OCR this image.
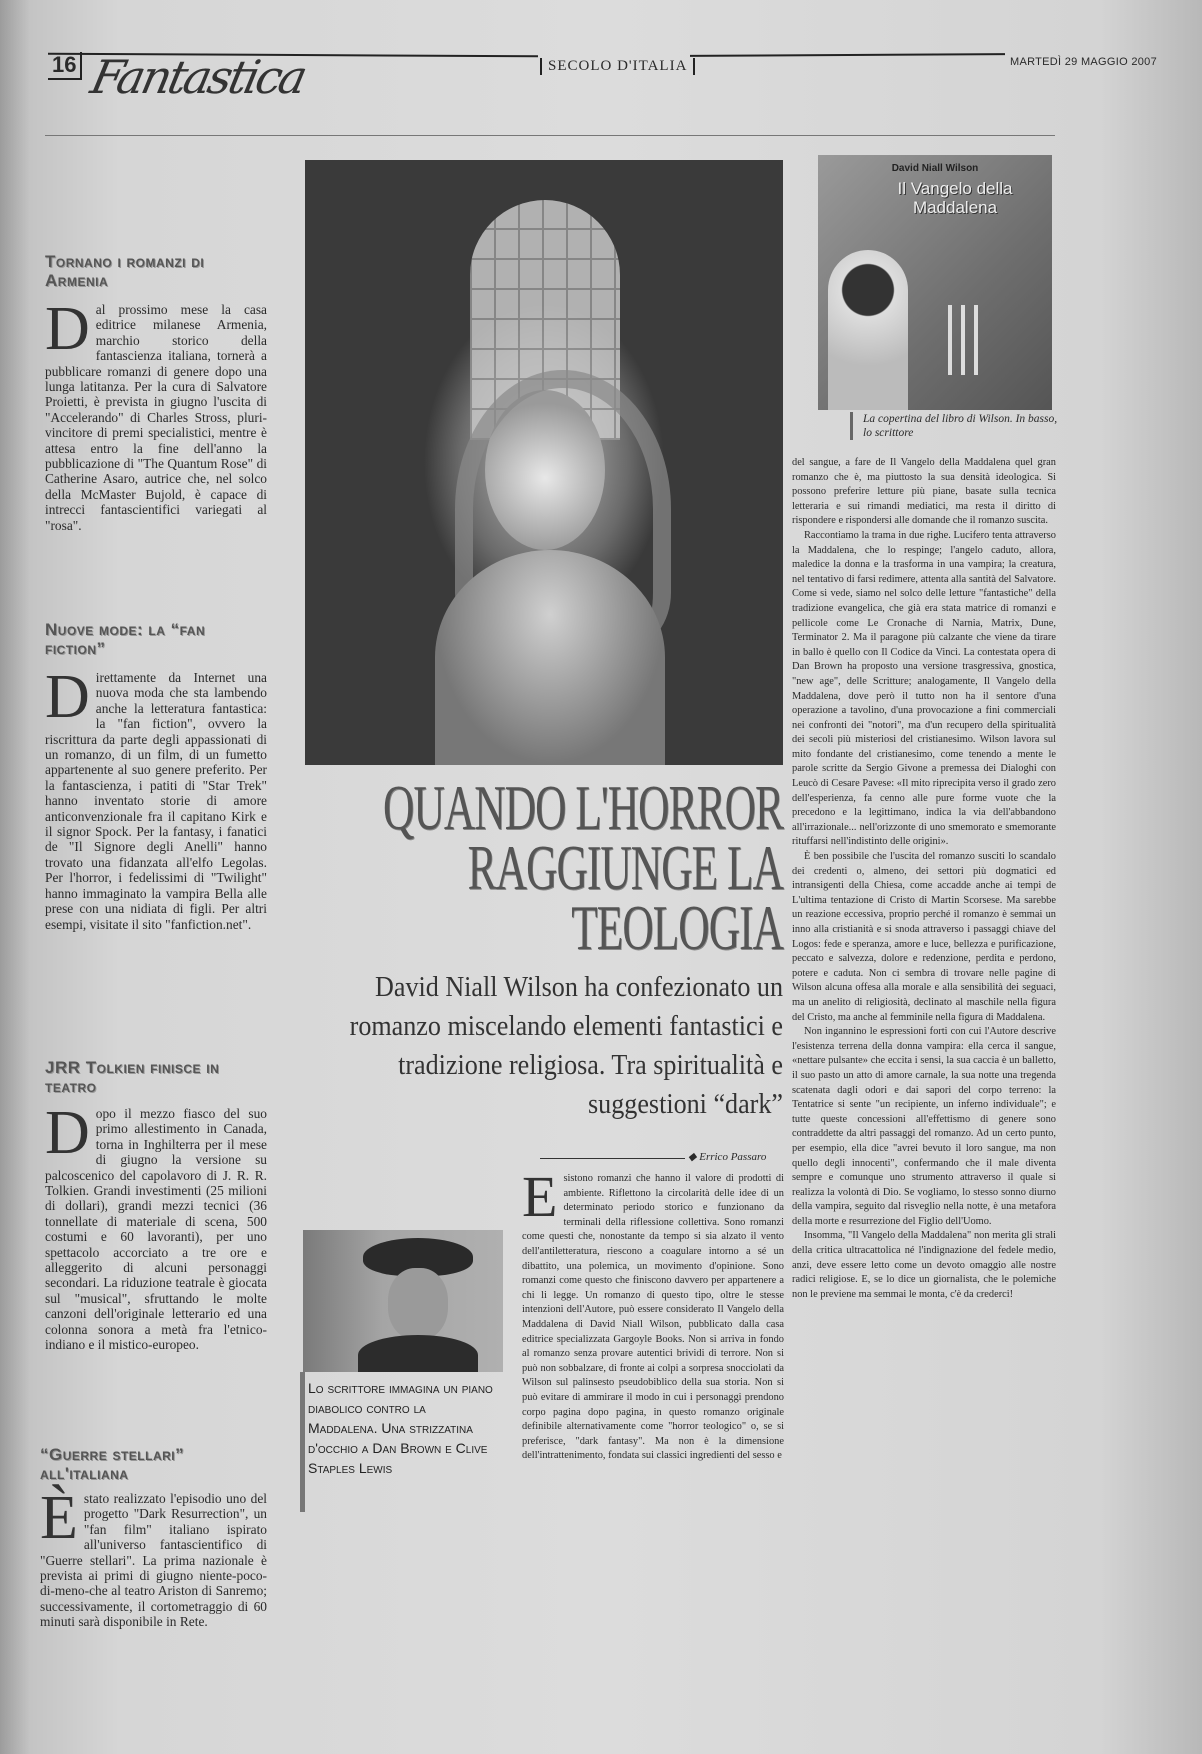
16 Fantastica	SECOLO D'ITALIA	MARTEDÌ 29 MAGGIO 2007
Tornano i romanzi di Armenia
D al prossimo mese la casa editrice milanese Armenia, marchio storico della fantascienza italiana, tornerà a pubblicare romanzi di genere dopo una lunga latitanza. Per la cura di Salvatore Proietti, è prevista in giugno l'uscita di "Accelerando" di Charles Stross, pluri-vincitore di premi specialistici, mentre è attesa entro la fine dell'anno la pubblicazione di "The Quantum Rose" di Catherine Asaro, autrice che, nel solco della McMaster Bujold, è capace di intrecci fantascientifici variegati al "rosa".
Nuove mode: la “fan fiction”
D irettamente da Internet una nuova moda che sta lambendo anche la letteratura fantastica: la "fan fiction", ovvero la riscrittura da parte degli appassionati di un romanzo, di un film, di un fumetto appartenente al suo genere preferito. Per la fantascienza, i patiti di "Star Trek" hanno inventato storie di amore anticonvenzionale fra il capitano Kirk e il signor Spock. Per la fantasy, i fanatici de "Il Signore degli Anelli" hanno trovato una fidanzata all'elfo Legolas. Per l'horror, i fedelissimi di "Twilight" hanno immaginato la vampira Bella alle prese con una nidiata di figli. Per altri esempi, visitate il sito "fanfiction.net".
JRR Tolkien finisce in teatro
D opo il mezzo fiasco del suo primo allestimento in Canada, torna in Inghilterra per il mese di giugno la versione su palcoscenico del capolavoro di J. R. R. Tolkien. Grandi investimenti (25 milioni di dollari), grandi mezzi tecnici (36 tonnellate di materiale di scena, 500 costumi e 60 lavoranti), per uno spettacolo accorciato a tre ore e alleggerito di alcuni personaggi secondari. La riduzione teatrale è giocata sul "musical", sfruttando le molte canzoni dell'originale letterario ed una colonna sonora a metà fra l'etnico-indiano e il mistico-europeo.
“Guerre stellari” all'italiana
È stato realizzato l'episodio uno del progetto "Dark Resurrection", un "fan film" italiano ispirato all'universo fantascientifico di "Guerre stellari". La prima nazionale è prevista ai primi di giugno niente-poco-di-meno-che al teatro Ariston di Sanremo; successivamente, il cortometraggio di 60 minuti sarà disponibile in Rete.
David Niall Wilson
Il Vangelo della Maddalena
La copertina del libro di Wilson. In basso, lo scrittore
QUANDO L'HORROR RAGGIUNGE LA TEOLOGIA
David Niall Wilson ha confezionato un romanzo miscelando elementi fantastici e tradizione religiosa. Tra spiritualità e suggestioni “dark”
◆ Errico Passaro
E sistono romanzi che hanno il valore di prodotti di ambiente. Riflettono la circolarità delle idee di un determinato periodo storico e funzionano da terminali della riflessione collettiva. Sono romanzi come questi che, nonostante da tempo si sia alzato il vento dell'antiletteratura, riescono a coagulare intorno a sé un dibattito, una polemica, un movimento d'opinione. Sono romanzi come questo che finiscono davvero per appartenere a chi li legge. Un romanzo di questo tipo, oltre le stesse intenzioni dell'Autore, può essere considerato Il Vangelo della Maddalena di David Niall Wilson, pubblicato dalla casa editrice specializzata Gargoyle Books. Non si arriva in fondo al romanzo senza provare autentici brividi di terrore. Non si può non sobbalzare, di fronte ai colpi a sorpresa snocciolati da Wilson sul palinsesto pseudobiblico della sua storia. Non si può evitare di ammirare il modo in cui i personaggi prendono corpo pagina dopo pagina, in questo romanzo originale definibile alternativamente come "horror teologico" o, se si preferisce, "dark fantasy". Ma non è la dimensione dell'intrattenimento, fondata sui classici ingredienti del sesso e

del sangue, a fare de Il Vangelo della Maddalena quel gran romanzo che è, ma piuttosto la sua densità ideologica. Si possono preferire letture più piane, basate sulla tecnica letteraria e sui rimandi mediatici, ma resta il diritto di rispondere e rispondersi alle domande che il romanzo suscita.

Raccontiamo la trama in due righe. Lucifero tenta attraverso la Maddalena, che lo respinge; l'angelo caduto, allora, maledice la donna e la trasforma in una vampira; la creatura, nel tentativo di farsi redimere, attenta alla santità del Salvatore. Come si vede, siamo nel solco delle letture "fantastiche" della tradizione evangelica, che già era stata matrice di romanzi e pellicole come Le Cronache di Narnia, Matrix, Dune, Terminator 2. Ma il paragone più calzante che viene da tirare in ballo è quello con Il Codice da Vinci. La contestata opera di Dan Brown ha proposto una versione trasgressiva, gnostica, "new age", delle Scritture; analogamente, Il Vangelo della Maddalena, dove però il tutto non ha il sentore d'una operazione a tavolino, d'una provocazione a fini commerciali nei confronti dei "notori", ma d'un recupero della spiritualità dei secoli più misteriosi del cristianesimo. Wilson lavora sul mito fondante del cristianesimo, come tenendo a mente le parole scritte da Sergio Givone a premessa dei Dialoghi con Leucò di Cesare Pavese: «Il mito riprecipita verso il grado zero dell'esperienza, fa cenno alle pure forme vuote che la precedono e la legittimano, indica la via dell'abbandono all'irrazionale... nell'orizzonte di uno smemorato e smemorante rituffarsi nell'indistinto delle origini».

È ben possibile che l'uscita del romanzo susciti lo scandalo dei credenti o, almeno, dei settori più dogmatici ed intransigenti della Chiesa, come accadde anche ai tempi de L'ultima tentazione di Cristo di Martin Scorsese. Ma sarebbe un reazione eccessiva, proprio perché il romanzo è semmai un inno alla cristianità e si snoda attraverso i passaggi chiave del Logos: fede e speranza, amore e luce, bellezza e purificazione, peccato e salvezza, dolore e redenzione, perdita e perdono, potere e caduta. Non ci sembra di trovare nelle pagine di Wilson alcuna offesa alla morale e alla sensibilità dei seguaci, ma un anelito di religiosità, declinato al maschile nella figura del Cristo, ma anche al femminile nella figura di Maddalena.

Non ingannino le espressioni forti con cui l'Autore descrive l'esistenza terrena della donna vampira: ella cerca il sangue, «nettare pulsante» che eccita i sensi, la sua caccia è un balletto, il suo pasto un atto di amore carnale, la sua notte una tregenda scatenata dagli odori e dai sapori del corpo terreno: la Tentatrice si sente "un recipiente, un inferno individuale"; e tutte queste concessioni all'effettismo di genere sono contraddette da altri passaggi del romanzo. Ad un certo punto, per esempio, ella dice "avrei bevuto il loro sangue, ma non quello degli innocenti", confermando che il male diventa sempre e comunque uno strumento attraverso il quale si realizza la volontà di Dio. Se vogliamo, lo stesso sonno diurno della vampira, seguito dal risveglio nella notte, è una metafora della morte e resurrezione del Figlio dell'Uomo.

Insomma, "Il Vangelo della Maddalena" non merita gli strali della critica ultracattolica né l'indignazione del fedele medio, anzi, deve essere letto come un devoto omaggio alle nostre radici religiose. E, se lo dice un giornalista, che le polemiche non le previene ma semmai le monta, c'è da crederci!

Lo scrittore immagina un piano diabolico contro la Maddalena. Una strizzatina d'occhio a Dan Brown e Clive Staples Lewis
